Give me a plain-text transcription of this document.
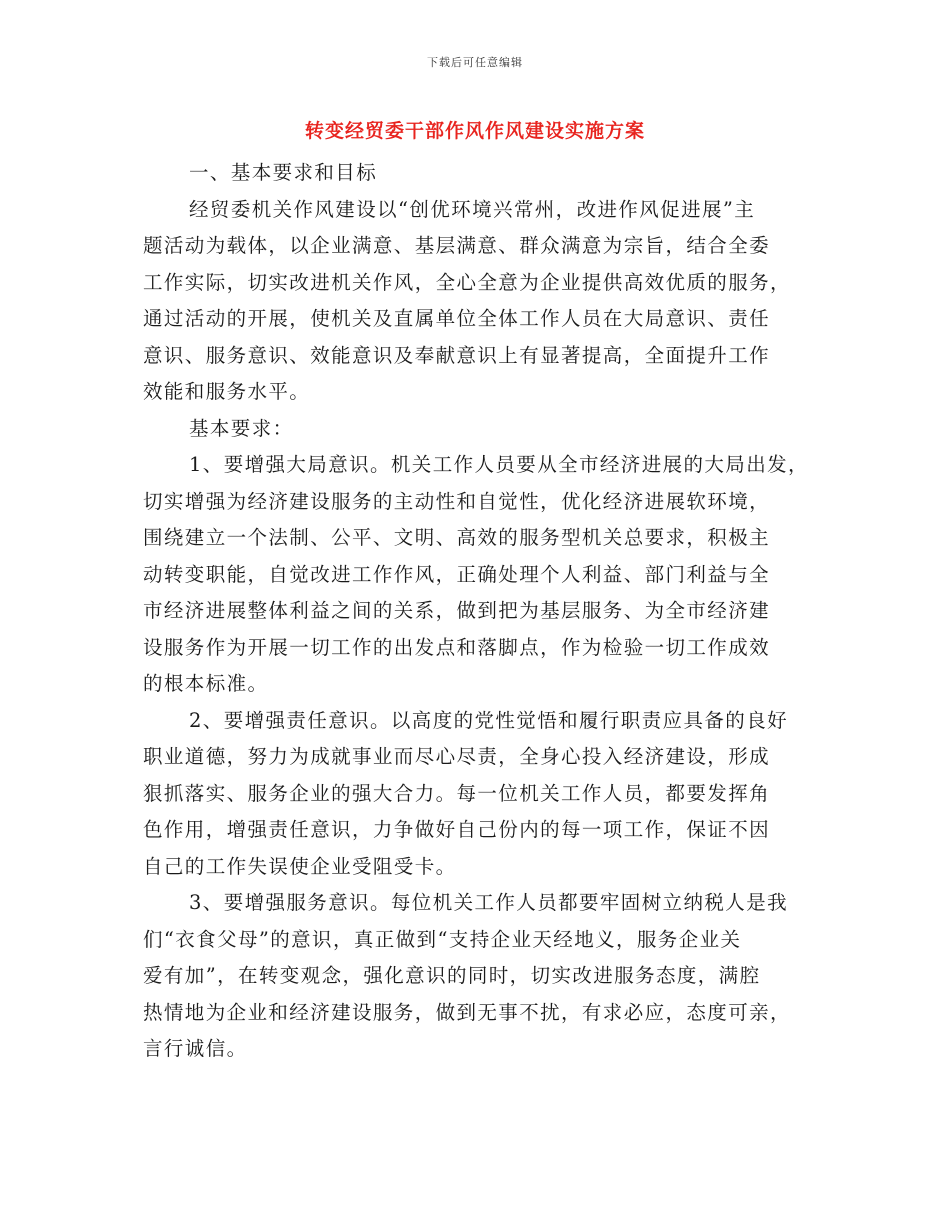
下载后可任意编辑
转变经贸委干部作风作风建设实施方案

一、基本要求和目标

经贸委机关作风建设以“创优环境兴常州，改进作风促进展”主
题活动为载体，以企业满意、基层满意、群众满意为宗旨，结合全委
工作实际，切实改进机关作风，全心全意为企业提供高效优质的服务，
通过活动的开展，使机关及直属单位全体工作人员在大局意识、责任
意识、服务意识、效能意识及奉献意识上有显著提高，全面提升工作
效能和服务水平。

基本要求：

1、要增强大局意识。机关工作人员要从全市经济进展的大局出发，
切实增强为经济建设服务的主动性和自觉性，优化经济进展软环境，
围绕建立一个法制、公平、文明、高效的服务型机关总要求，积极主
动转变职能，自觉改进工作作风，正确处理个人利益、部门利益与全
市经济进展整体利益之间的关系，做到把为基层服务、为全市经济建
设服务作为开展一切工作的出发点和落脚点，作为检验一切工作成效
的根本标准。

2、要增强责任意识。以高度的党性觉悟和履行职责应具备的良好
职业道德，努力为成就事业而尽心尽责，全身心投入经济建设，形成
狠抓落实、服务企业的强大合力。每一位机关工作人员，都要发挥角
色作用，增强责任意识，力争做好自己份内的每一项工作，保证不因
自己的工作失误使企业受阻受卡。

3、要增强服务意识。每位机关工作人员都要牢固树立纳税人是我
们“衣食父母”的意识，真正做到“支持企业天经地义，服务企业关
爱有加”，在转变观念，强化意识的同时，切实改进服务态度，满腔
热情地为企业和经济建设服务，做到无事不扰，有求必应，态度可亲，
言行诚信。
